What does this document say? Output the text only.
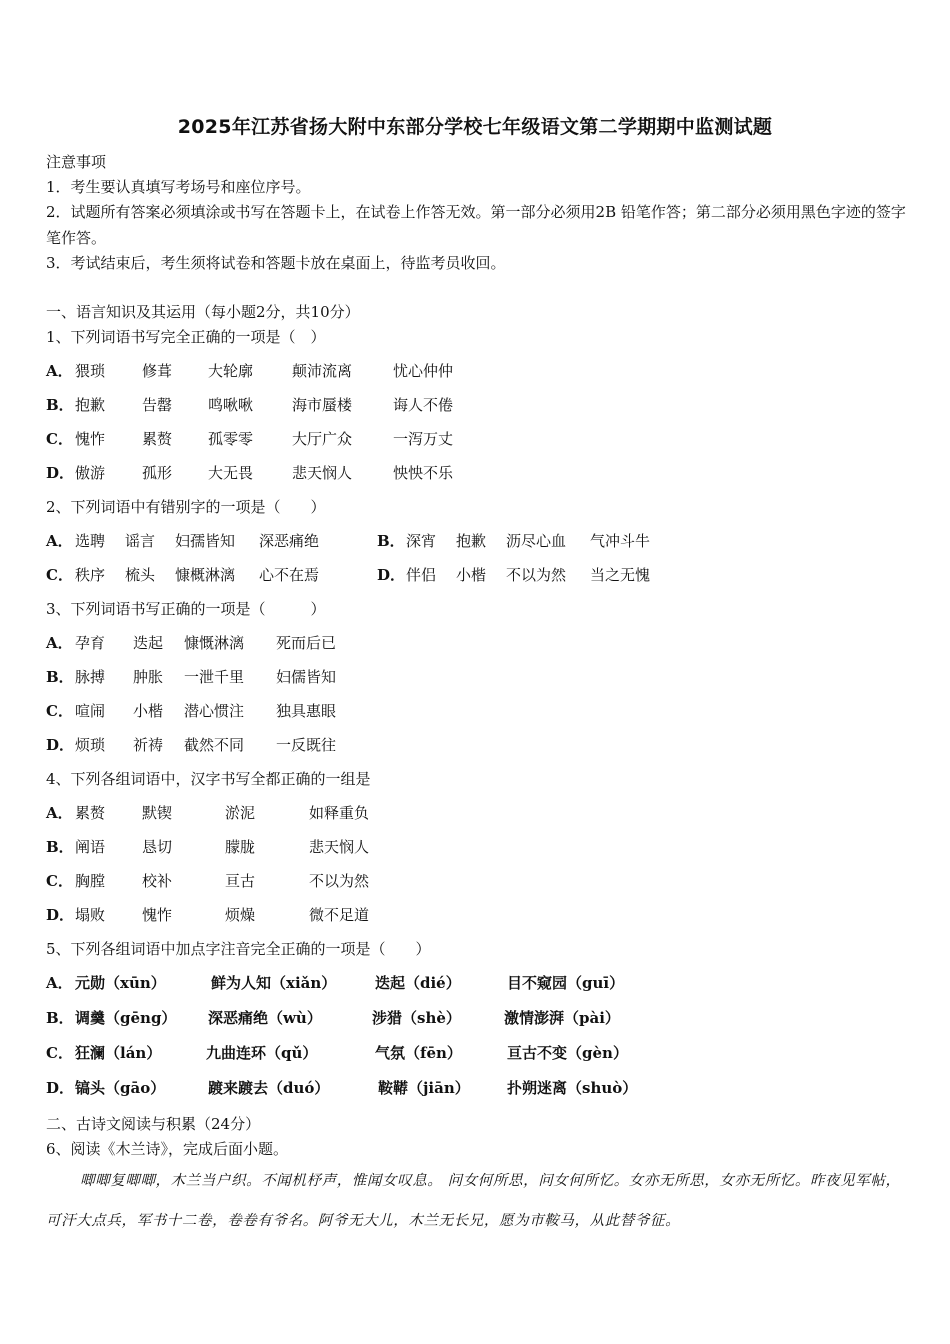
2025年江苏省扬大附中东部分学校七年级语文第二学期期中监测试题
注意事项
1．考生要认真填写考场号和座位序号。
2．试题所有答案必须填涂或书写在答题卡上，在试卷上作答无效。第一部分必须用2B 铅笔作答；第二部分必须用黑色字迹的签字笔作答。
3．考试结束后，考生须将试卷和答题卡放在桌面上，待监考员收回。
一、语言知识及其运用（每小题2分，共10分）
1、下列词语书写完全正确的一项是（　）
A． 猥琐 修葺 大轮廓	颠沛流离	忧心仲仲
B． 抱歉 告罄 鸣啾啾	海市蜃楼	诲人不倦
C． 愧怍 累赘 孤零零	大厅广众	一泻万丈
D． 傲游 孤形 大无畏	悲天悯人	怏怏不乐
2、下列词语中有错别字的一项是（　　）
A． 选聘 谣言 妇孺皆知 深恶痛绝	B． 深宵 抱歉 沥尽心血 气冲斗牛
C． 秩序 梳头 慷概淋漓 心不在焉	D． 伴侣 小楷 不以为然 当之无愧
3、下列词语书写正确的一项是（　　　）
A． 孕育 迭起 慷慨淋漓 死而后已
B． 脉搏 肿胀 一泄千里 妇儒皆知
C． 喧闹 小楷 潜心惯注 独具惠眼
D． 烦琐 祈祷 截然不同 一反既往
4、下列各组词语中，汉字书写全都正确的一组是
A． 累赘 默锲	淤泥	如释重负
B． 阐语 恳切	朦胧	悲天悯人
C． 胸膛 校补	亘古	不以为然
D． 塌败 愧怍	烦燥	微不足道
5、下列各组词语中加点字注音完全正确的一项是（　　）
A． 元勋（xūn）	鲜为人知（xiǎn）	迭起（dié）	目不窥园（guī）
B． 调羹（gēng） 深恶痛绝（wù）	涉猎（shè）	激情澎湃（pài）
C． 狂澜（lán）	九曲连环（qǔ）	气氛（fēn）	亘古不变（gèn）
D． 镐头（gāo）	踱来踱去（duó）	鞍鞯（jiān） 扑朔迷离（shuò）
二、古诗文阅读与积累（24分）
6、阅读《木兰诗》，完成后面小题。
唧唧复唧唧，木兰当户织。不闻机杼声，惟闻女叹息。 问女何所思，问女何所忆。女亦无所思，女亦无所忆。昨夜见军帖，可汗大点兵，军书十二卷，卷卷有爷名。阿爷无大儿，木兰无长兄，愿为市鞍马，从此替爷征。
